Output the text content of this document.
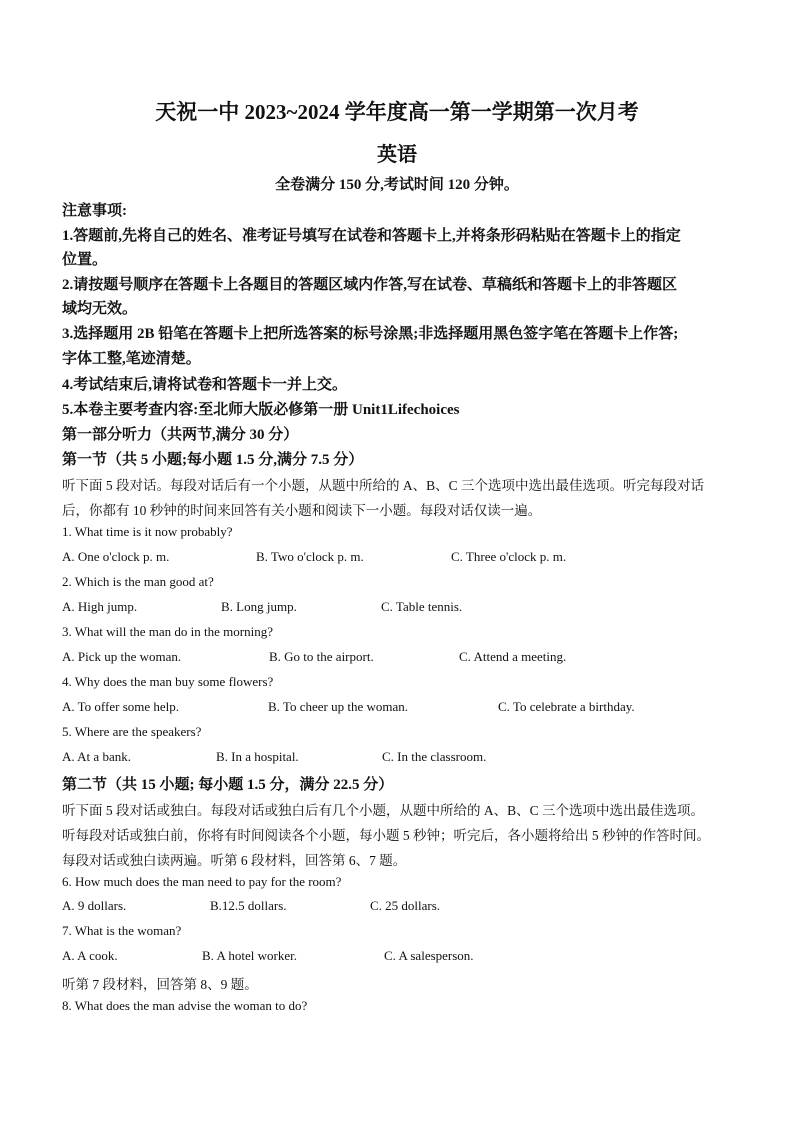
天祝一中 2023~2024 学年度高一第一学期第一次月考
英语
全卷满分 150 分,考试时间 120 分钟。
注意事项:
1.答题前,先将自己的姓名、准考证号填写在试卷和答题卡上,并将条形码粘贴在答题卡上的指定
位置。
2.请按题号顺序在答题卡上各题目的答题区域内作答,写在试卷、草稿纸和答题卡上的非答题区
域均无效。
3.选择题用 2B 铅笔在答题卡上把所选答案的标号涂黑;非选择题用黑色签字笔在答题卡上作答;
字体工整,笔迹清楚。
4.考试结束后,请将试卷和答题卡一并上交。
5.本卷主要考查内容:至北师大版必修第一册 Unit1Lifechoices
第一部分听力（共两节,满分 30 分）
第一节（共 5 小题;每小题 1.5 分,满分 7.5 分）
听下面 5 段对话。每段对话后有一个小题，从题中所给的 A、B、C 三个选项中选出最佳选项。听完每段对话
后，你都有 10 秒钟的时间来回答有关小题和阅读下一小题。每段对话仅读一遍。
1. What time is it now probably?
A. One o'clock p. m.	B. Two o'clock p. m.	C. Three o'clock p. m.
2. Which is the man good at?
A. High jump.	B. Long jump.	C. Table tennis.
3. What will the man do in the morning?
A. Pick up the woman.	B. Go to the airport.	C. Attend a meeting.
4. Why does the man buy some flowers?
A. To offer some help.	B. To cheer up the woman.	C. To celebrate a birthday.
5. Where are the speakers?
A. At a bank.	B. In a hospital.	C. In the classroom.
第二节（共 15 小题; 每小题 1.5 分，满分 22.5 分）
听下面 5 段对话或独白。每段对话或独白后有几个小题，从题中所给的 A、B、C 三个选项中选出最佳选项。
听每段对话或独白前，你将有时间阅读各个小题，每小题 5 秒钟；听完后，各小题将给出 5 秒钟的作答时间。
每段对话或独白读两遍。听第 6 段材料，回答第 6、7 题。
6. How much does the man need to pay for the room?
A. 9 dollars.	B.12.5 dollars.	C. 25 dollars.
7. What is the woman?
A. A cook.	B. A hotel worker.	C. A salesperson.
听第 7 段材料，回答第 8、9 题。
8. What does the man advise the woman to do?
